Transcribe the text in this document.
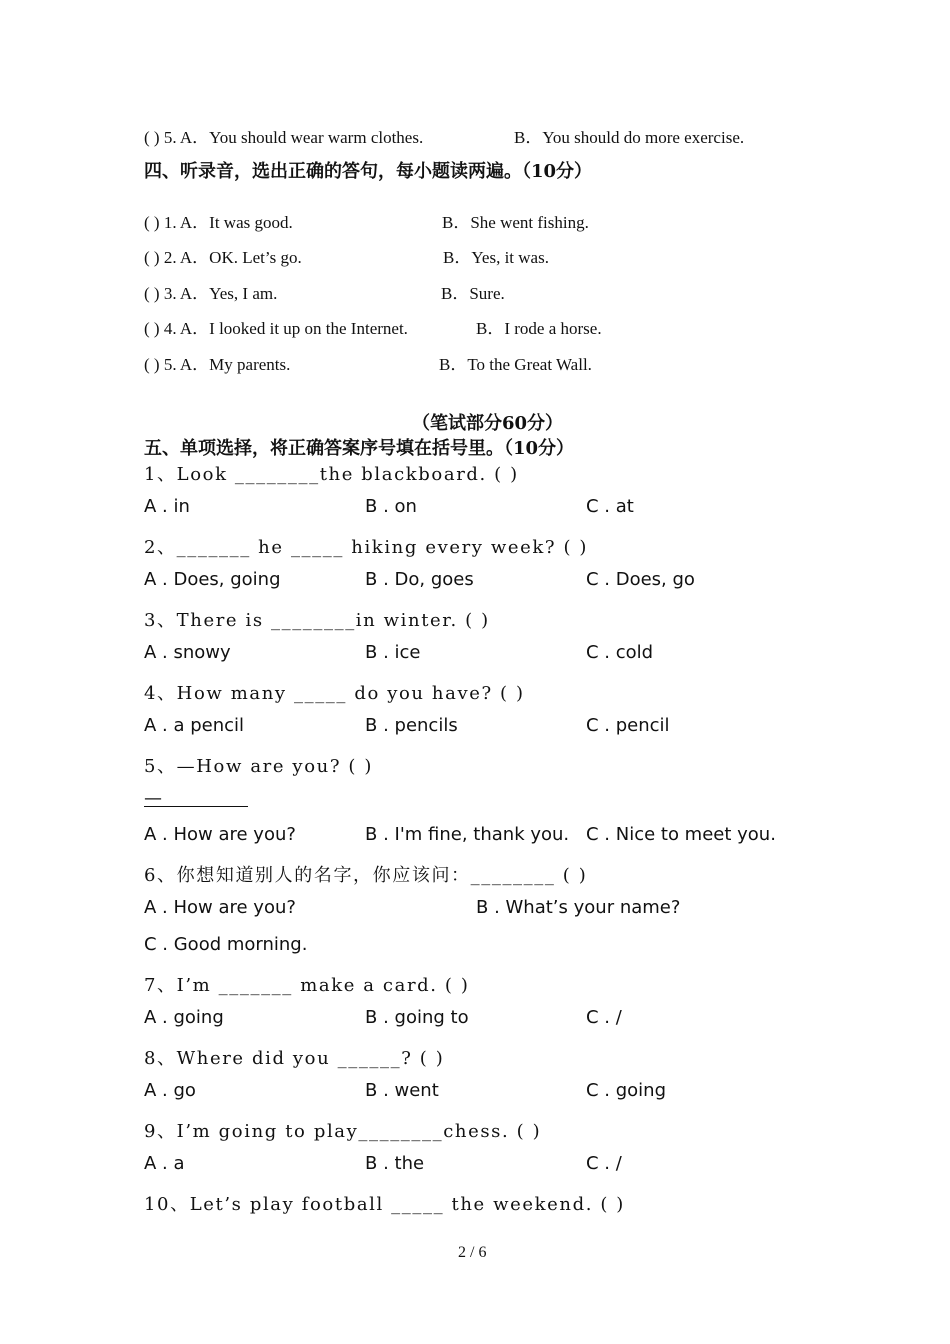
( ) 5. A．You should wear warm clothes.	B．You should do more exercise.
四、听录音，选出正确的答句，每小题读两遍。（10分）
( ) 1. A．It was good.	B．She went fishing.
( ) 2. A．OK. Let’s go.	B．Yes, it was.
( ) 3. A．Yes, I am.	B．Sure.
( ) 4. A．I looked it up on the Internet.	B．I rode a horse.
( ) 5. A．My parents.	B．To the Great Wall.
（笔试部分60分）
五、单项选择，将正确答案序号填在括号里。（10分）
1、Look ________the blackboard. ( )
A . in	B . on	C . at
2、_______ he _____ hiking every week? ( )
A . Does, going	B . Do, goes	C . Does, go
3、There is ________in winter. ( )
A . snowy	B . ice	C . cold
4、How many _____ do you have? ( )
A . a pencil	B . pencils	C . pencil
5、—How are you? ( )
—
A . How are you?	B . I'm fine, thank you. C . Nice to meet you.
6、你想知道别人的名字，你应该问：________ ( )
A . How are you?	B . What’s your name?
C . Good morning.
7、I’m _______ make a card. ( )
A . going	B . going to	C . /
8、Where did you ______? ( )
A . go	B . went	C . going
9、I’m going to play________chess. ( )
A . a	B . the	C . /
10、Let’s play football _____ the weekend. ( )
2 / 6
